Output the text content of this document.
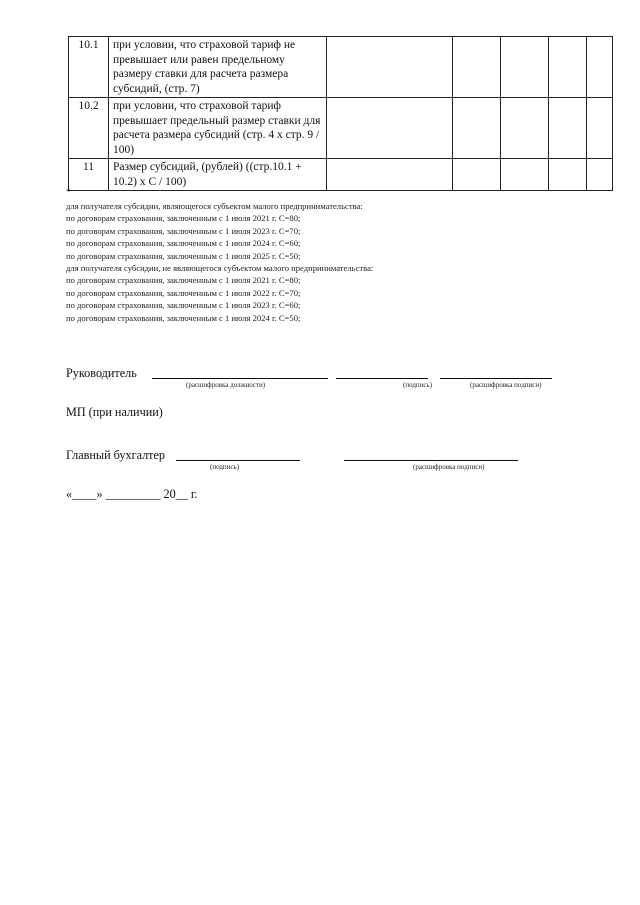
10.1	при условии, что страховой тариф не превышает или равен предельному размеру ставки для расчета размера субсидий, (стр. 7)					
10.2	при условии, что страховой тариф превышает предельный размер ставки для расчета размера субсидий (стр. 4 х стр. 9 / 100)					
11	Размер субсидий, (рублей) ((стр.10.1 + 10.2) х С / 100)					
*
для получателя субсидии, являющегося субъектом малого предпринимательства:
по договорам страхования, заключенным с 1 июля 2021 г. С=80;
по договорам страхования, заключенным с 1 июля 2023 г. С=70;
по договорам страхования, заключенным с 1 июля 2024 г. С=60;
по договорам страхования, заключенным с 1 июля 2025 г. С=50;
для получателя субсидии, не являющегося субъектом малого предпринимательства:
по договорам страхования, заключенным с 1 июля 2021 г. С=80;
по договорам страхования, заключенным с 1 июля 2022 г. С=70;
по договорам страхования, заключенным с 1 июля 2023 г. С=60;
по договорам страхования, заключенным с 1 июля 2024 г. С=50;
Руководитель
(расшифровка должности)	(подпись)	(расшифровка подписи)
МП (при наличии)
Главный бухгалтер
(подпись)	(расшифровка подписи)
«____» _________ 20__ г.
